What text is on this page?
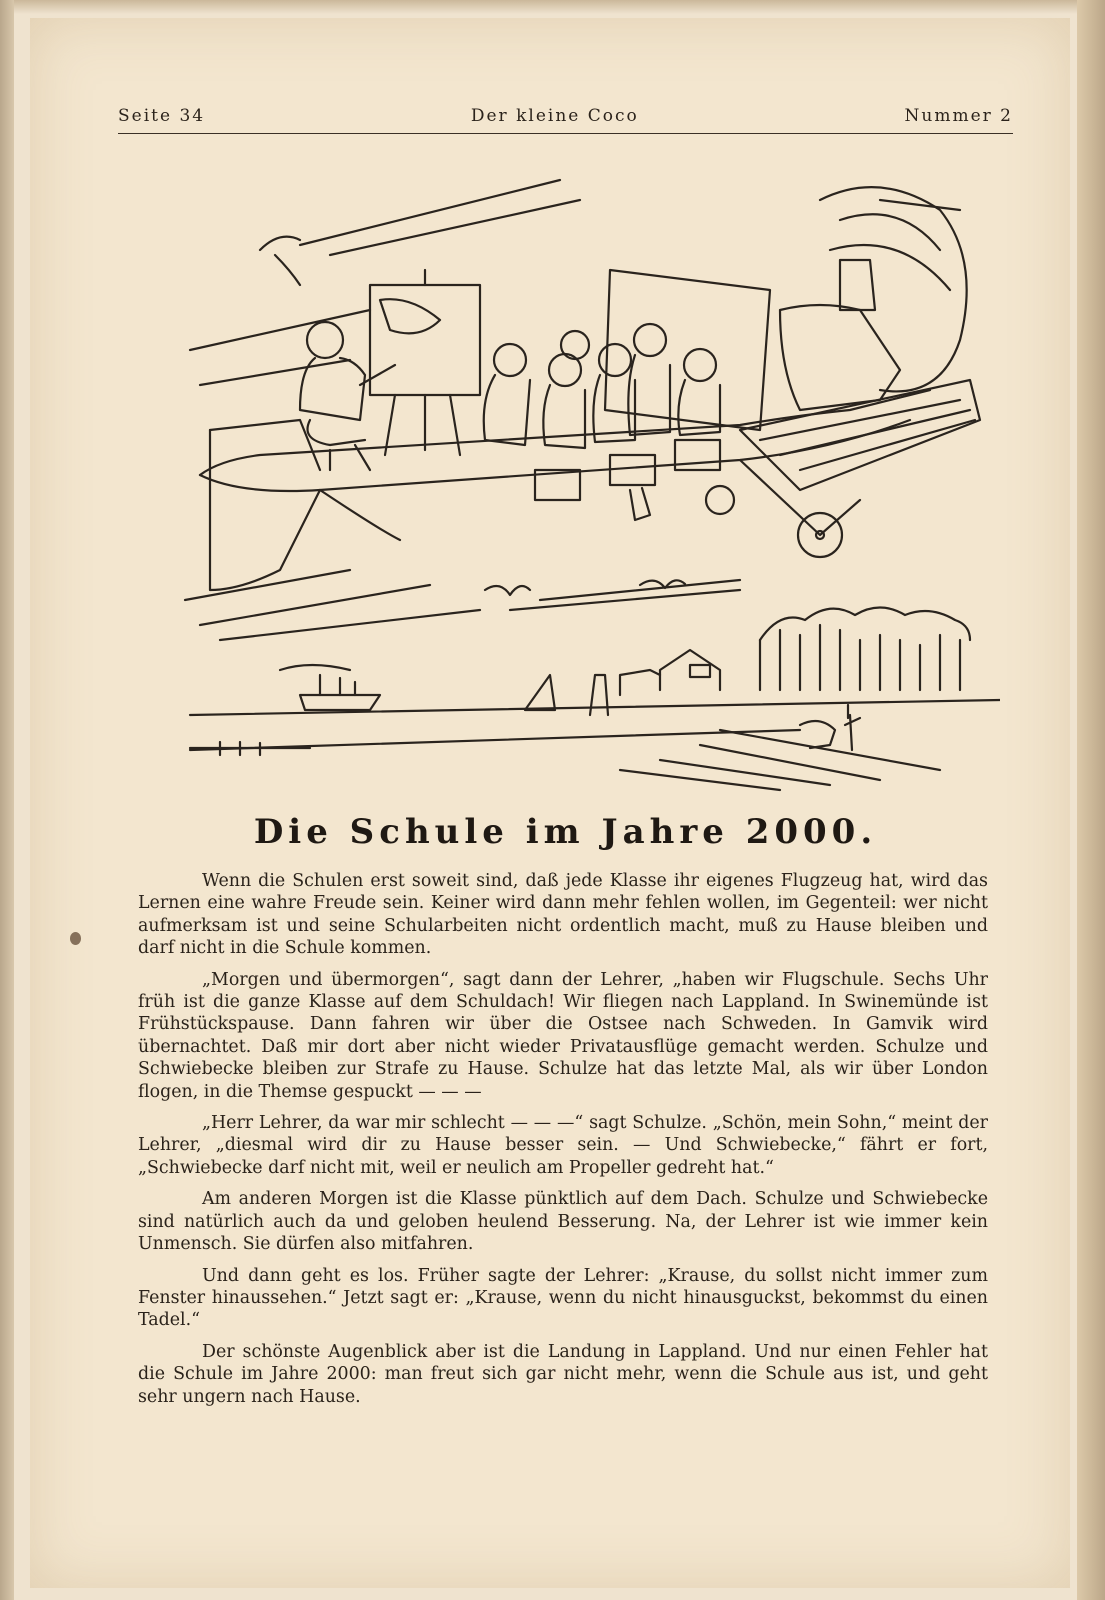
Seite 34	Der kleine Coco	Nummer 2
Die Schule im Jahre 2000.

Wenn die Schulen erst soweit sind, daß jede Klasse ihr eigenes Flugzeug hat, wird das Lernen eine wahre Freude sein. Keiner wird dann mehr fehlen wollen, im Gegenteil: wer nicht aufmerksam ist und seine Schularbeiten nicht ordentlich macht, muß zu Hause bleiben und darf nicht in die Schule kommen.

„Morgen und übermorgen“, sagt dann der Lehrer, „haben wir Flugschule. Sechs Uhr früh ist die ganze Klasse auf dem Schuldach! Wir fliegen nach Lappland. In Swinemünde ist Frühstückspause. Dann fahren wir über die Ostsee nach Schweden. In Gamvik wird übernachtet. Daß mir dort aber nicht wieder Privatausflüge gemacht werden. Schulze und Schwiebecke bleiben zur Strafe zu Hause. Schulze hat das letzte Mal, als wir über London flogen, in die Themse gespuckt — — —

„Herr Lehrer, da war mir schlecht — — —“ sagt Schulze. „Schön, mein Sohn,“ meint der Lehrer, „diesmal wird dir zu Hause besser sein. — Und Schwiebecke,“ fährt er fort, „Schwiebecke darf nicht mit, weil er neulich am Propeller gedreht hat.“

Am anderen Morgen ist die Klasse pünktlich auf dem Dach. Schulze und Schwiebecke sind natürlich auch da und geloben heulend Besserung. Na, der Lehrer ist wie immer kein Unmensch. Sie dürfen also mitfahren.

Und dann geht es los. Früher sagte der Lehrer: „Krause, du sollst nicht immer zum Fenster hinaussehen.“ Jetzt sagt er: „Krause, wenn du nicht hinausguckst, bekommst du einen Tadel.“

Der schönste Augenblick aber ist die Landung in Lappland. Und nur einen Fehler hat die Schule im Jahre 2000: man freut sich gar nicht mehr, wenn die Schule aus ist, und geht sehr ungern nach Hause.
